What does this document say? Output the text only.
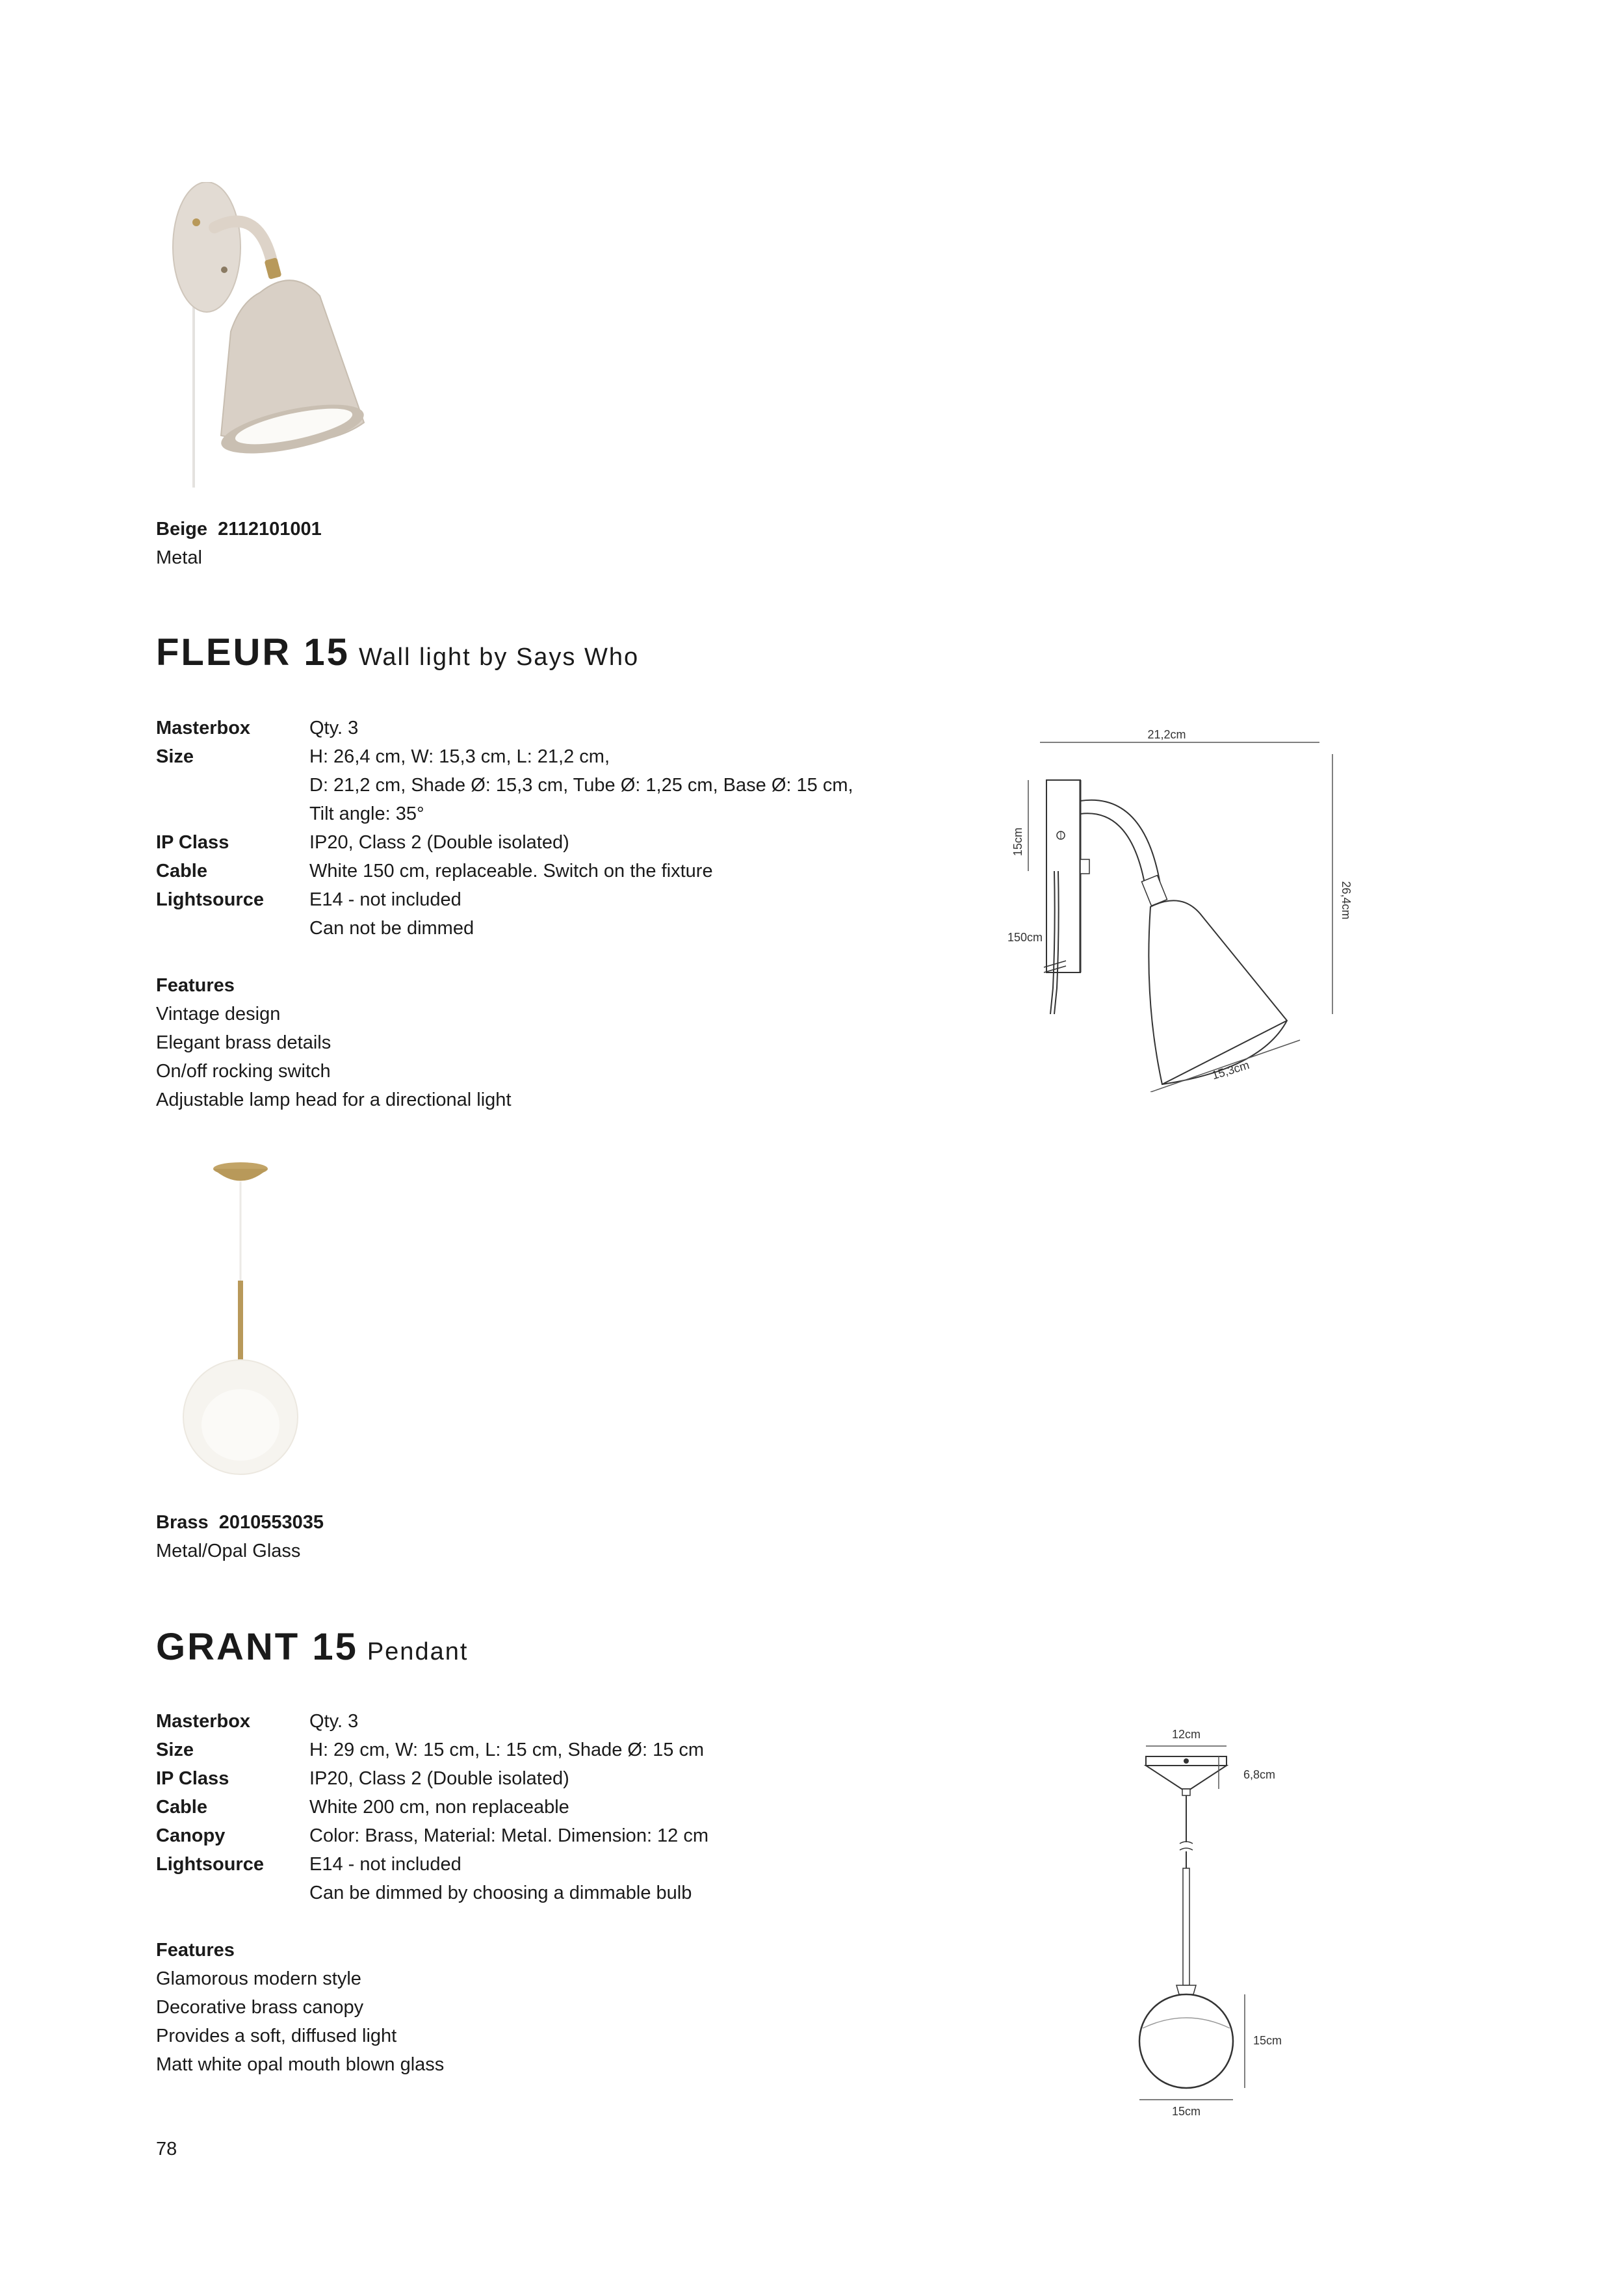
Beige 2112101001
Metal
FLEUR 15 Wall light by Says Who
Masterbox	Qty. 3
Size	H: 26,4 cm, W: 15,3 cm, L: 21,2 cm,
D: 21,2 cm, Shade Ø: 15,3 cm, Tube Ø: 1,25 cm, Base Ø: 15 cm,
Tilt angle: 35°
IP Class	IP20, Class 2 (Double isolated)
Cable	White 150 cm, replaceable. Switch on the fixture
Lightsource	E14 - not included
Can not be dimmed
Features
Vintage design
Elegant brass details
On/off rocking switch
Adjustable lamp head for a directional light
21,2cm
15cm
150cm
26,4cm
15,3cm
Brass 2010553035
Metal/Opal Glass
GRANT 15 Pendant
Masterbox	Qty. 3
Size	H: 29 cm, W: 15 cm, L: 15 cm, Shade Ø: 15 cm
IP Class	IP20, Class 2 (Double isolated)
Cable	White 200 cm, non replaceable
Canopy	Color: Brass, Material: Metal. Dimension: 12 cm
Lightsource	E14 - not included
Can be dimmed by choosing a dimmable bulb
Features
Glamorous modern style
Decorative brass canopy
Provides a soft, diffused light
Matt white opal mouth blown glass
12cm
6,8cm
15cm
15cm
78
